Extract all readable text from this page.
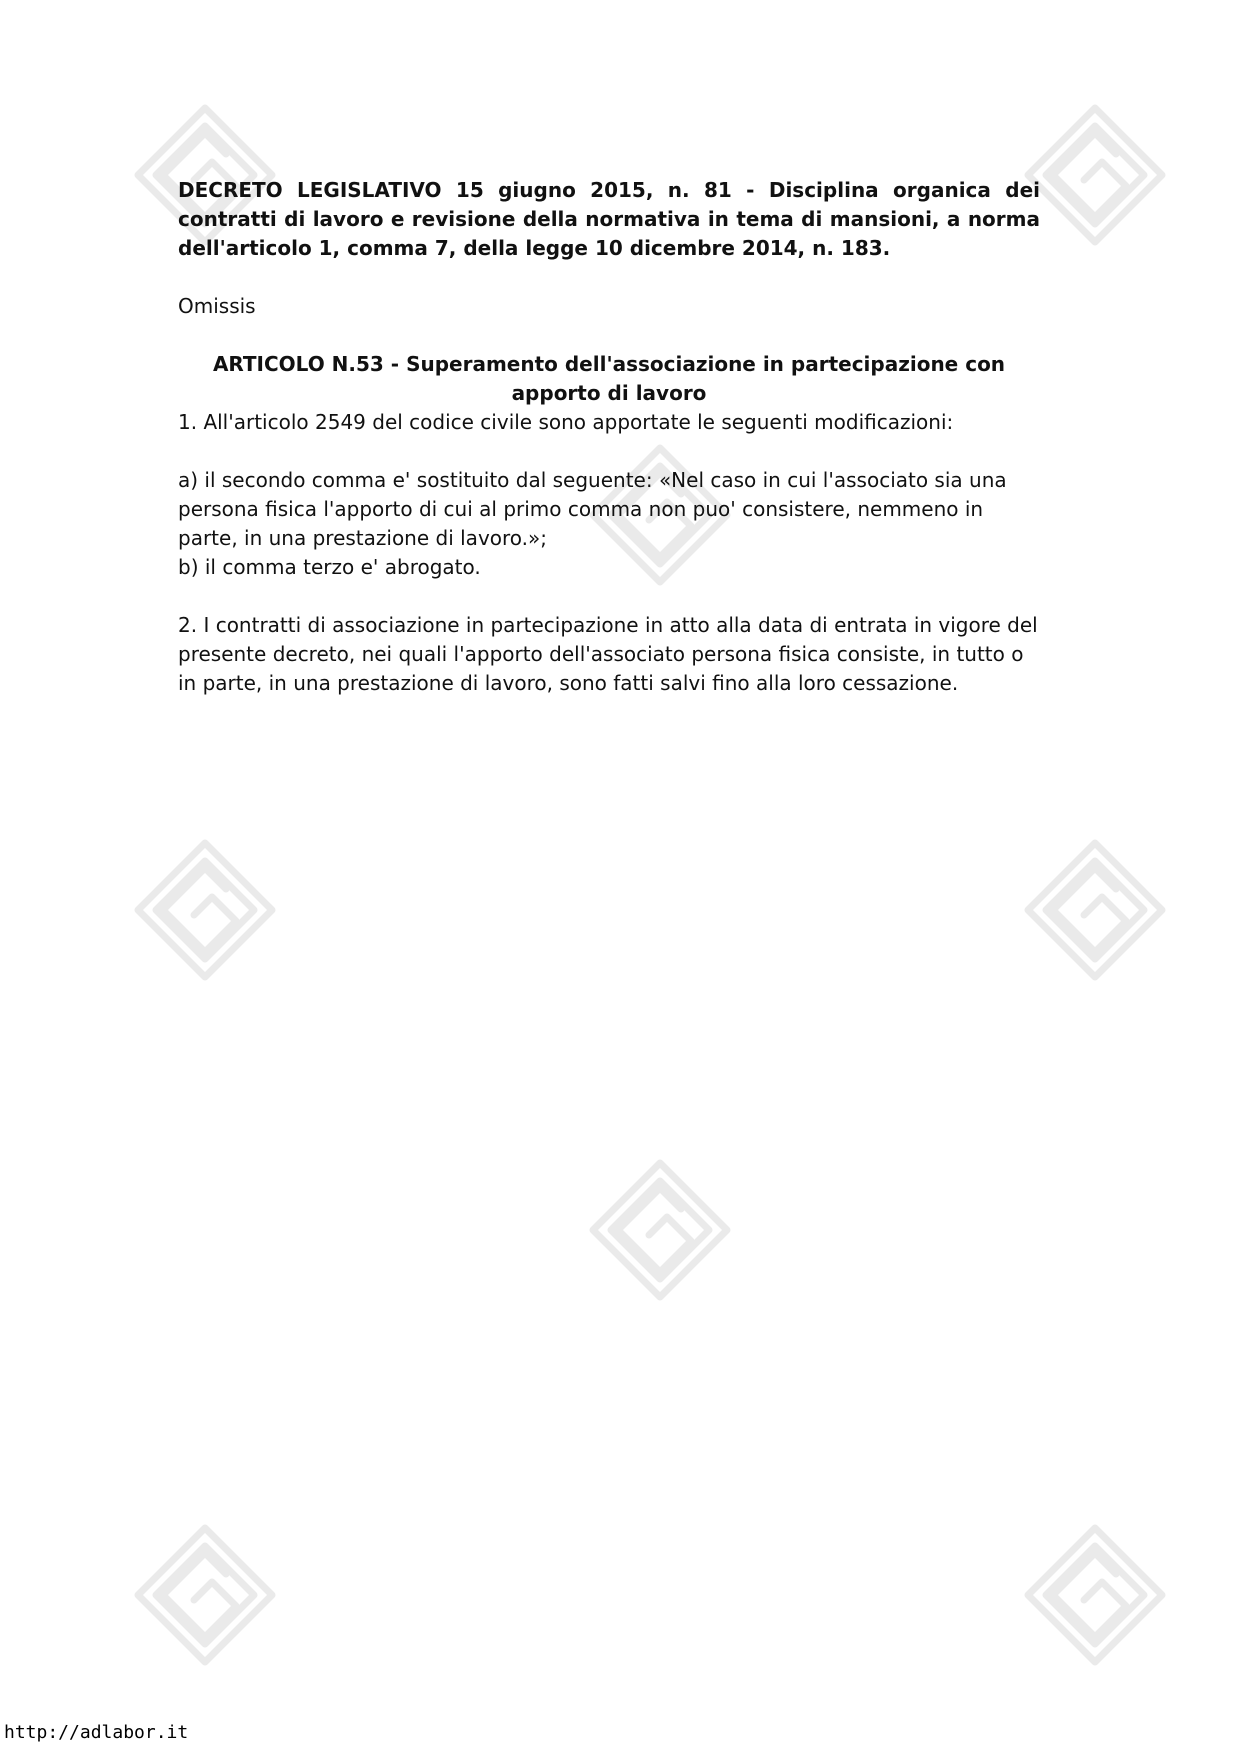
DECRETO LEGISLATIVO 15 giugno 2015, n. 81 - Disciplina organica dei contratti di lavoro e revisione della normativa in tema di mansioni, a norma dell'articolo 1, comma 7, della legge 10 dicembre 2014, n. 183.

Omissis

ARTICOLO N.53 - Superamento dell'associazione in partecipazione con apporto di lavoro

1. All'articolo 2549 del codice civile sono apportate le seguenti modificazioni:

a) il secondo comma e' sostituito dal seguente: «Nel caso in cui l'associato sia una persona fisica l'apporto di cui al primo comma non puo' consistere, nemmeno in parte, in una prestazione di lavoro.»;

b) il comma terzo e' abrogato.

2. I contratti di associazione in partecipazione in atto alla data di entrata in vigore del presente decreto, nei quali l'apporto dell'associato persona fisica consiste, in tutto o in parte, in una prestazione di lavoro, sono fatti salvi fino alla loro cessazione.

http://adlabor.it
